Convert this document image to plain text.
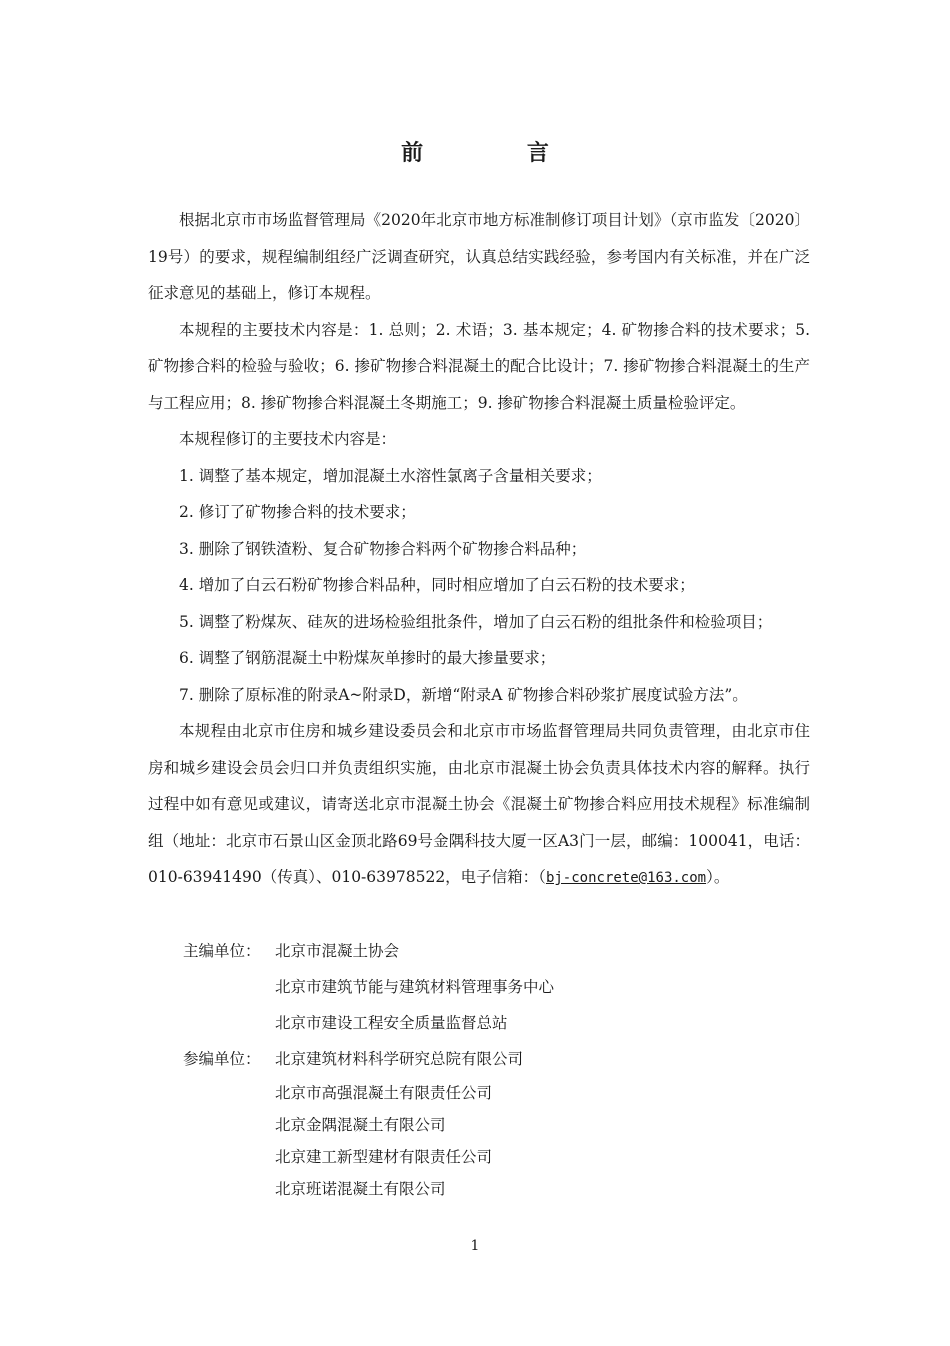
前 言

根据北京市市场监督管理局《2020年北京市地方标准制修订项目计划》（京市监发〔2020〕19号）的要求，规程编制组经广泛调查研究，认真总结实践经验，参考国内有关标准，并在广泛征求意见的基础上，修订本规程。

本规程的主要技术内容是：1. 总则；2. 术语；3. 基本规定；4. 矿物掺合料的技术要求；5. 矿物掺合料的检验与验收；6. 掺矿物掺合料混凝土的配合比设计；7. 掺矿物掺合料混凝土的生产与工程应用；8. 掺矿物掺合料混凝土冬期施工；9. 掺矿物掺合料混凝土质量检验评定。

本规程修订的主要技术内容是：

1. 调整了基本规定，增加混凝土水溶性氯离子含量相关要求；
2. 修订了矿物掺合料的技术要求；
3. 删除了钢铁渣粉、复合矿物掺合料两个矿物掺合料品种；
4. 增加了白云石粉矿物掺合料品种，同时相应增加了白云石粉的技术要求；
5. 调整了粉煤灰、硅灰的进场检验组批条件，增加了白云石粉的组批条件和检验项目；
6. 调整了钢筋混凝土中粉煤灰单掺时的最大掺量要求；
7. 删除了原标准的附录A~附录D，新增“附录A 矿物掺合料砂浆扩展度试验方法”。

本规程由北京市住房和城乡建设委员会和北京市市场监督管理局共同负责管理，由北京市住房和城乡建设会员会归口并负责组织实施，由北京市混凝土协会负责具体技术内容的解释。执行过程中如有意见或建议，请寄送北京市混凝土协会《混凝土矿物掺合料应用技术规程》标准编制组（地址：北京市石景山区金顶北路69号金隅科技大厦一区A3门一层，邮编：100041，电话：010-63941490（传真）、010-63978522，电子信箱：（bj-concrete@163.com）。

主编单位： 北京市混凝土协会
北京市建筑节能与建筑材料管理事务中心
北京市建设工程安全质量监督总站
参编单位： 北京建筑材料科学研究总院有限公司
北京市高强混凝土有限责任公司
北京金隅混凝土有限公司
北京建工新型建材有限责任公司
北京班诺混凝土有限公司
1
